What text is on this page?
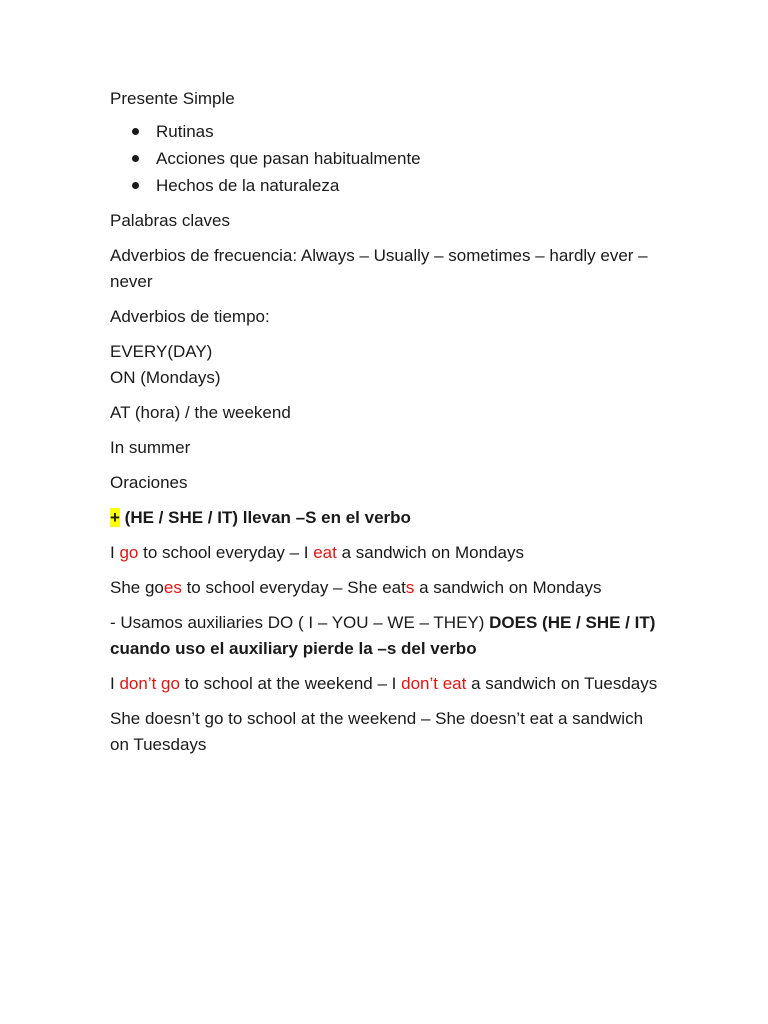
Presente Simple

Rutinas
Acciones que pasan habitualmente
Hechos de la naturaleza

Palabras claves

Adverbios de frecuencia: Always – Usually – sometimes – hardly ever – never

Adverbios de tiempo:

EVERY(DAY)
ON (Mondays)

AT (hora) / the weekend

In summer

Oraciones

+ (HE / SHE / IT) llevan –S en el verbo

I go to school everyday – I eat a sandwich on Mondays

She goes to school everyday – She eats a sandwich on Mondays

- Usamos auxiliaries DO ( I – YOU – WE – THEY) DOES (HE / SHE / IT) cuando uso el auxiliary pierde la –s del verbo

I don’t go to school at the weekend – I don’t eat a sandwich on Tuesdays

She doesn’t go to school at the weekend – She doesn’t eat a sandwich on Tuesdays
